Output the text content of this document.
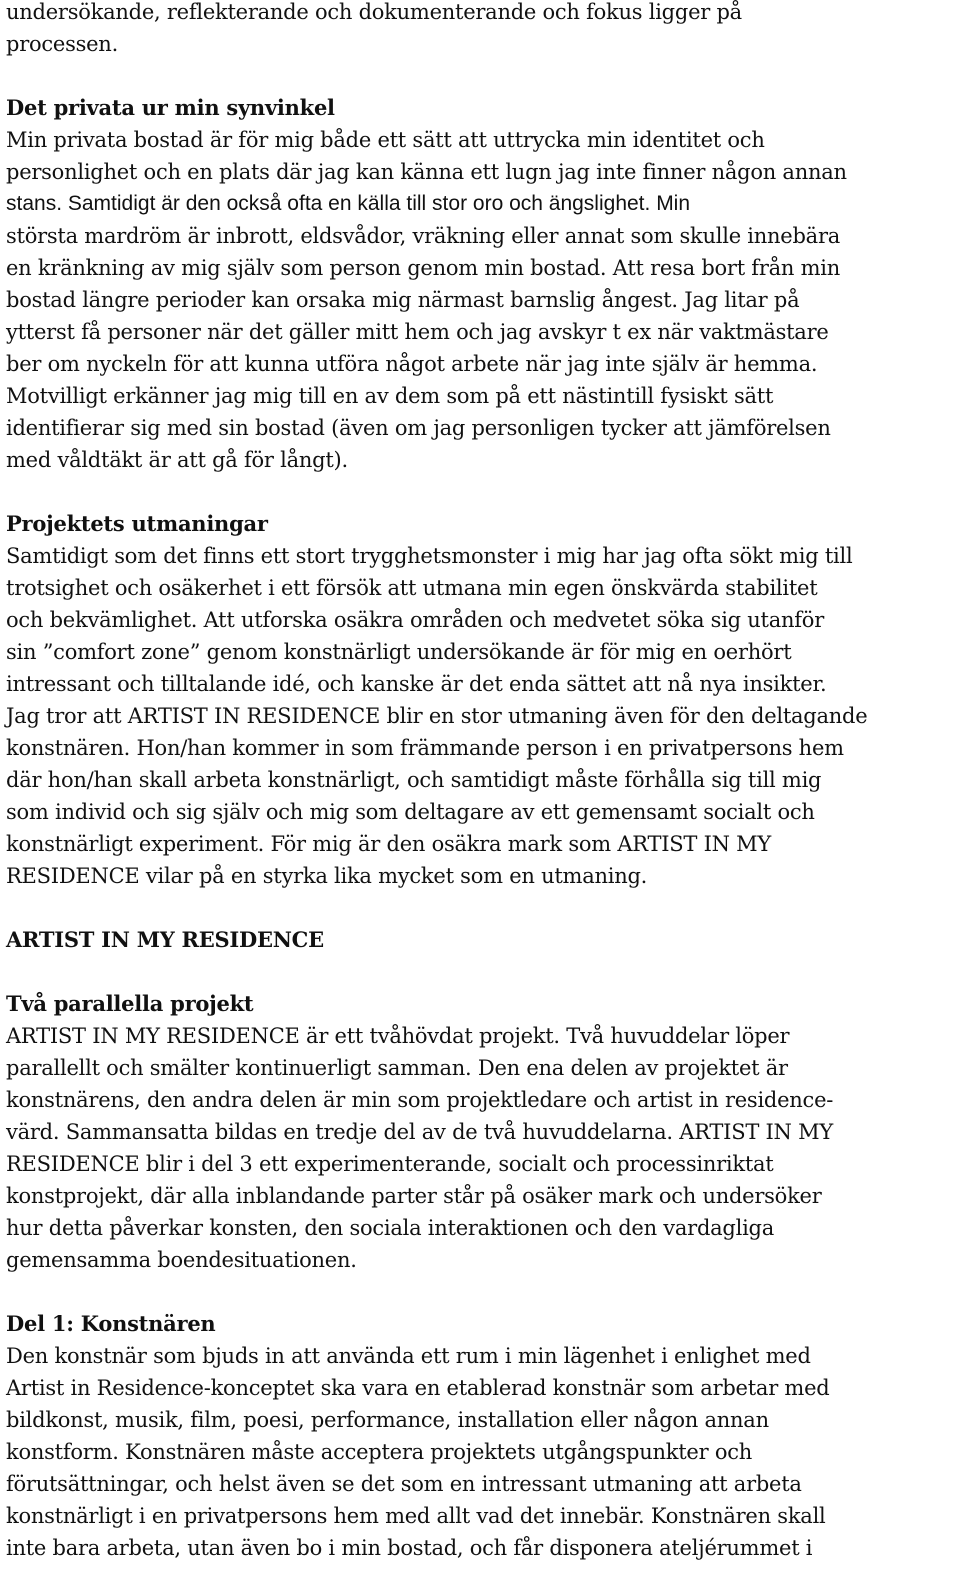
undersökande, reflekterande och dokumenterande och fokus ligger på
processen.
Det privata ur min synvinkel
Min privata bostad är för mig både ett sätt att uttrycka min identitet och
personlighet och en plats där jag kan känna ett lugn jag inte finner någon annan
stans. Samtidigt är den också ofta en källa till stor oro och ängslighet. Min
största mardröm är inbrott, eldsvådor, vräkning eller annat som skulle innebära
en kränkning av mig själv som person genom min bostad. Att resa bort från min
bostad längre perioder kan orsaka mig närmast barnslig ångest. Jag litar på
ytterst få personer när det gäller mitt hem och jag avskyr t ex när vaktmästare
ber om nyckeln för att kunna utföra något arbete när jag inte själv är hemma.
Motvilligt erkänner jag mig till en av dem som på ett nästintill fysiskt sätt
identifierar sig med sin bostad (även om jag personligen tycker att jämförelsen
med våldtäkt är att gå för långt).
Projektets utmaningar
Samtidigt som det finns ett stort trygghetsmonster i mig har jag ofta sökt mig till
trotsighet och osäkerhet i ett försök att utmana min egen önskvärda stabilitet
och bekvämlighet. Att utforska osäkra områden och medvetet söka sig utanför
sin ”comfort zone” genom konstnärligt undersökande är för mig en oerhört
intressant och tilltalande idé, och kanske är det enda sättet att nå nya insikter.
Jag tror att ARTIST IN RESIDENCE blir en stor utmaning även för den deltagande
konstnären. Hon/han kommer in som främmande person i en privatpersons hem
där hon/han skall arbeta konstnärligt, och samtidigt måste förhålla sig till mig
som individ och sig själv och mig som deltagare av ett gemensamt socialt och
konstnärligt experiment. För mig är den osäkra mark som ARTIST IN MY
RESIDENCE vilar på en styrka lika mycket som en utmaning.
ARTIST IN MY RESIDENCE
Två parallella projekt
ARTIST IN MY RESIDENCE är ett tvåhövdat projekt. Två huvuddelar löper
parallellt och smälter kontinuerligt samman. Den ena delen av projektet är
konstnärens, den andra delen är min som projektledare och artist in residence-
värd. Sammansatta bildas en tredje del av de två huvuddelarna. ARTIST IN MY
RESIDENCE blir i del 3 ett experimenterande, socialt och processinriktat
konstprojekt, där alla inblandande parter står på osäker mark och undersöker
hur detta påverkar konsten, den sociala interaktionen och den vardagliga
gemensamma boendesituationen.
Del 1: Konstnären
Den konstnär som bjuds in att använda ett rum i min lägenhet i enlighet med
Artist in Residence-konceptet ska vara en etablerad konstnär som arbetar med
bildkonst, musik, film, poesi, performance, installation eller någon annan
konstform. Konstnären måste acceptera projektets utgångspunkter och
förutsättningar, och helst även se det som en intressant utmaning att arbeta
konstnärligt i en privatpersons hem med allt vad det innebär. Konstnären skall
inte bara arbeta, utan även bo i min bostad, och får disponera ateljérummet i
